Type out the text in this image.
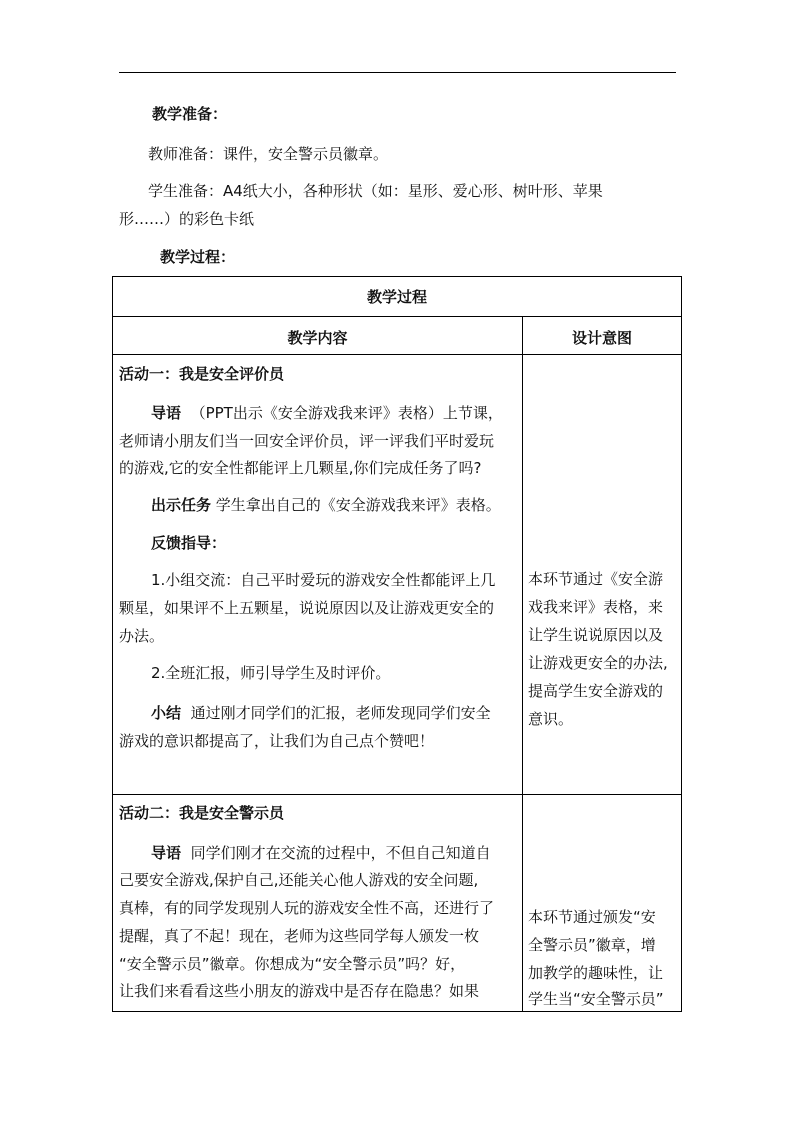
教学准备：
教师准备：课件，安全警示员徽章。
学生准备：A4纸大小，各种形状（如：星形、爱心形、树叶形、苹果
形……）的彩色卡纸
教学过程：
教学过程
教学内容	设计意图
活动一：我是安全评价员
导语 （PPT出示《安全游戏我来评》表格）上节课，
老师请小朋友们当一回安全评价员，评一评我们平时爱玩
的游戏,它的安全性都能评上几颗星,你们完成任务了吗?
出示任务 学生拿出自己的《安全游戏我来评》表格。
反馈指导：
1.小组交流：自己平时爱玩的游戏安全性都能评上几
颗星，如果评不上五颗星，说说原因以及让游戏更安全的
办法。
2.全班汇报，师引导学生及时评价。
小结 通过刚才同学们的汇报，老师发现同学们安全
游戏的意识都提高了，让我们为自己点个赞吧！
本环节通过《安全游
戏我来评》表格，来
让学生说说原因以及
让游戏更安全的办法,
提高学生安全游戏的
意识。
活动二：我是安全警示员
导语 同学们刚才在交流的过程中，不但自己知道自
己要安全游戏,保护自己,还能关心他人游戏的安全问题,
真棒，有的同学发现别人玩的游戏安全性不高，还进行了
提醒，真了不起！现在，老师为这些同学每人颁发一枚
“安全警示员”徽章。你想成为“安全警示员”吗？好，
让我们来看看这些小朋友的游戏中是否存在隐患？如果
本环节通过颁发“安
全警示员”徽章，增
加教学的趣味性，让
学生当“安全警示员”
